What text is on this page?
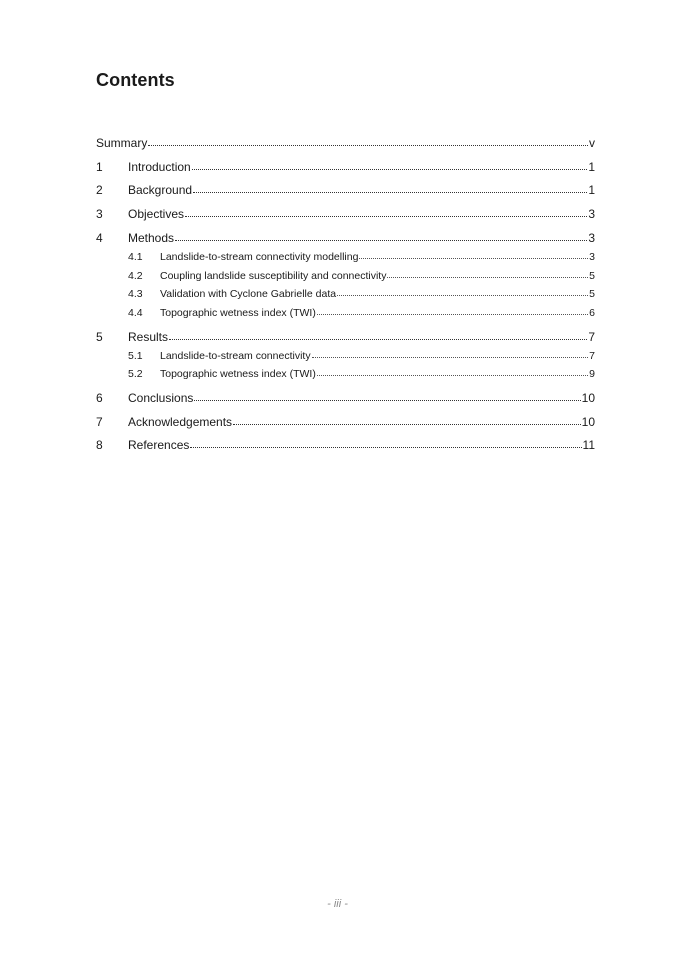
Contents
Summary	v
1	Introduction	1
2	Background	1
3	Objectives	3
4	Methods	3
4.1	Landslide-to-stream connectivity modelling	3
4.2	Coupling landslide susceptibility and connectivity	5
4.3	Validation with Cyclone Gabrielle data	5
4.4	Topographic wetness index (TWI)	6
5	Results	7
5.1	Landslide-to-stream connectivity	7
5.2	Topographic wetness index (TWI)	9
6	Conclusions	10
7	Acknowledgements	10
8	References	11
- iii -
